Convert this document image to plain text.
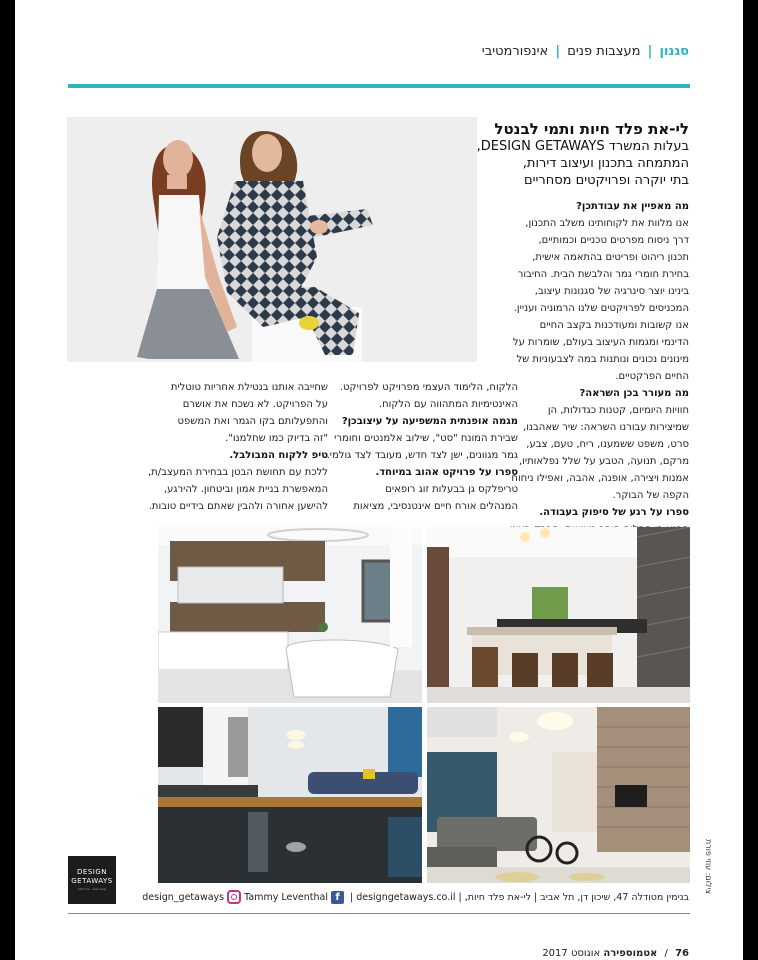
סגנון | מעצבות פנים | אינפורמטיבי
לי-את פלד חיות ותמי לבנטל
בעלות המשרד DESIGN GETAWAYS,
המתמחה בתכנון ועיצוב דירות,
בתי יוקרה ופרויקטים מסחריים
מה מאפיין את עבודתכן?
אנו מלוות את לקוחותינו משלב התכנון,
דרך ניסוח מפרטים טכניים וכמותיים,
תכנון ריהוט ופריטים בהתאמה אישית,
בחירת חומרי גמר והלבשת הבית. החיבור
בינינו יוצר סינרגיה של סגנונות עיצוב,
המכניסים לפרויקטים שלנו הרמוניה ועניין.
אנו קשובות ומעודכנות בקצב החיים
הדינמי ומגמות העיצוב בעולם, שומרות על
מינונים נכונים ונותנות במה לצבעוניות של
החיים הפרקטיים.
מה מעורר בכן השראה?
חוויות היומיום, קטנות כגדולות, הן
שמיצירות עבורנו השראה: שיר שאהבנו,
סרט, משפט ששמענו, ריח, טעם, צבע,
מרקם, תנועה, הטבע על שלל נפלאותיו,
אמנות ויצירה, אופנה, אהבה, ואפילו ניחוח
הקפה של הבוקר.
ספרו על רגע של סיפוק בעבודה.
הלקוח, הלימוד העצמי מפרויקט לפרויקט.
האינטימיות המתהווה עם הלקוח.
מגמה אופנתית המשפיעה על עיצובכן?
שבירת המונח "סט", שילוב אלמנטים וחומרי
גמר מגוונים, ישן לצד חדש, מעובד לצד גולמי.
ספרו על פרויקט אהוב במיוחד.
טריפלקס גן בבעלות זוג רופאים
המנהלים אורח חיים אינטנסיבי, מציאות
שחייבה אותנו בנטילת אחריות טוטלית
על הפרויקט. לא נשכח את אושרם
והתפעלותם בקו הגמר ואת המשפט
"זה בדיוק כמו שחלמנו".
טיפ ללקוח המבולבל.
ללכת עם תחושת הבטן בבחירת המעצב/ת,
המאפשרת בניית אמון וביטחון. להירגע,
להישען אחורה ולהבין שאתם בידיים טובות.
צילום: עוזי פורת
DESIGN
GETAWAYS
עיצוב פנים · אדריכלות
בנימין מטודלה 47, שיכון דן, תל אביב
|
לי-את פלד חיות,
|
designgetaways.co.il
|
f
Tammy Leventhal
design_getaways
76 / אטמוספירה אוגוסט 2017
